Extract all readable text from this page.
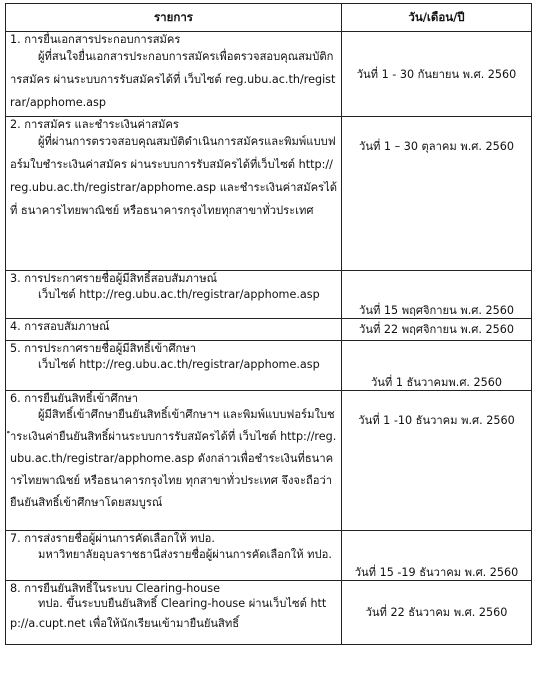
รายการ	วัน/เดือน/ปี

1. การยื่นเอกสารประกอบการสมัคร
ผู้ที่สนใจยื่นเอกสารประกอบการสมัครเพื่อตรวจสอบคุณสมบัติการสมัคร ผ่านระบบการรับสมัครได้ที่ เว็บไซต์ reg.ubu.ac.th/registrar/apphome.asp	วันที่ 1 - 30 กันยายน พ.ศ. 2560

2. การสมัคร และชำระเงินค่าสมัคร
ผู้ที่ผ่านการตรวจสอบคุณสมบัติดำเนินการสมัครและพิมพ์แบบฟอร์มใบชำระเงินค่าสมัคร ผ่านระบบการรับสมัครได้ที่เว็บไซต์ http://reg.ubu.ac.th/registrar/apphome.asp และชำระเงินค่าสมัครได้ที่ ธนาคารไทยพาณิชย์ หรือธนาคารกรุงไทยทุกสาขาทั่วประเทศ	วันที่ 1 – 30 ตุลาคม พ.ศ. 2560

3. การประกาศรายชื่อผู้มีสิทธิ์สอบสัมภาษณ์
เว็บไซต์ http://reg.ubu.ac.th/registrar/apphome.asp	วันที่ 15 พฤศจิกายน พ.ศ. 2560

4. การสอบสัมภาษณ์	วันที่ 22 พฤศจิกายน พ.ศ. 2560

5. การประกาศรายชื่อผู้มีสิทธิ์เข้าศึกษา
เว็บไซต์ http://reg.ubu.ac.th/registrar/apphome.asp	วันที่ 1 ธันวาคมพ.ศ. 2560

6. การยืนยันสิทธิ์เข้าศึกษา
ผู้มีสิทธิ์เข้าศึกษายืนยันสิทธิ์เข้าศึกษาฯ และพิมพ์แบบฟอร์มใบชำระเงินค่ายืนยันสิทธิ์ผ่านระบบการรับสมัครได้ที่ เว็บไซต์ http://reg.ubu.ac.th/registrar/apphome.asp ดังกล่าวเพื่อชำระเงินที่ธนาคารไทยพาณิชย์ หรือธนาคารกรุงไทย ทุกสาขาทั่วประเทศ จึงจะถือว่ายืนยันสิทธิ์เข้าศึกษาโดยสมบูรณ์	วันที่ 1 -10 ธันวาคม พ.ศ. 2560

7. การส่งรายชื่อผู้ผ่านการคัดเลือกให้ ทปอ.
มหาวิทยาลัยอุบลราชธานีส่งรายชื่อผู้ผ่านการคัดเลือกให้ ทปอ.	วันที่ 15 -19 ธันวาคม พ.ศ. 2560

8. การยืนยันสิทธิ์ในระบบ Clearing-house
ทปอ. ขึ้นระบบยืนยันสิทธิ์ Clearing-house ผ่านเว็บไซต์ http://a.cupt.net เพื่อให้นักเรียนเข้ามายืนยันสิทธิ์	วันที่ 22 ธันวาคม พ.ศ. 2560
